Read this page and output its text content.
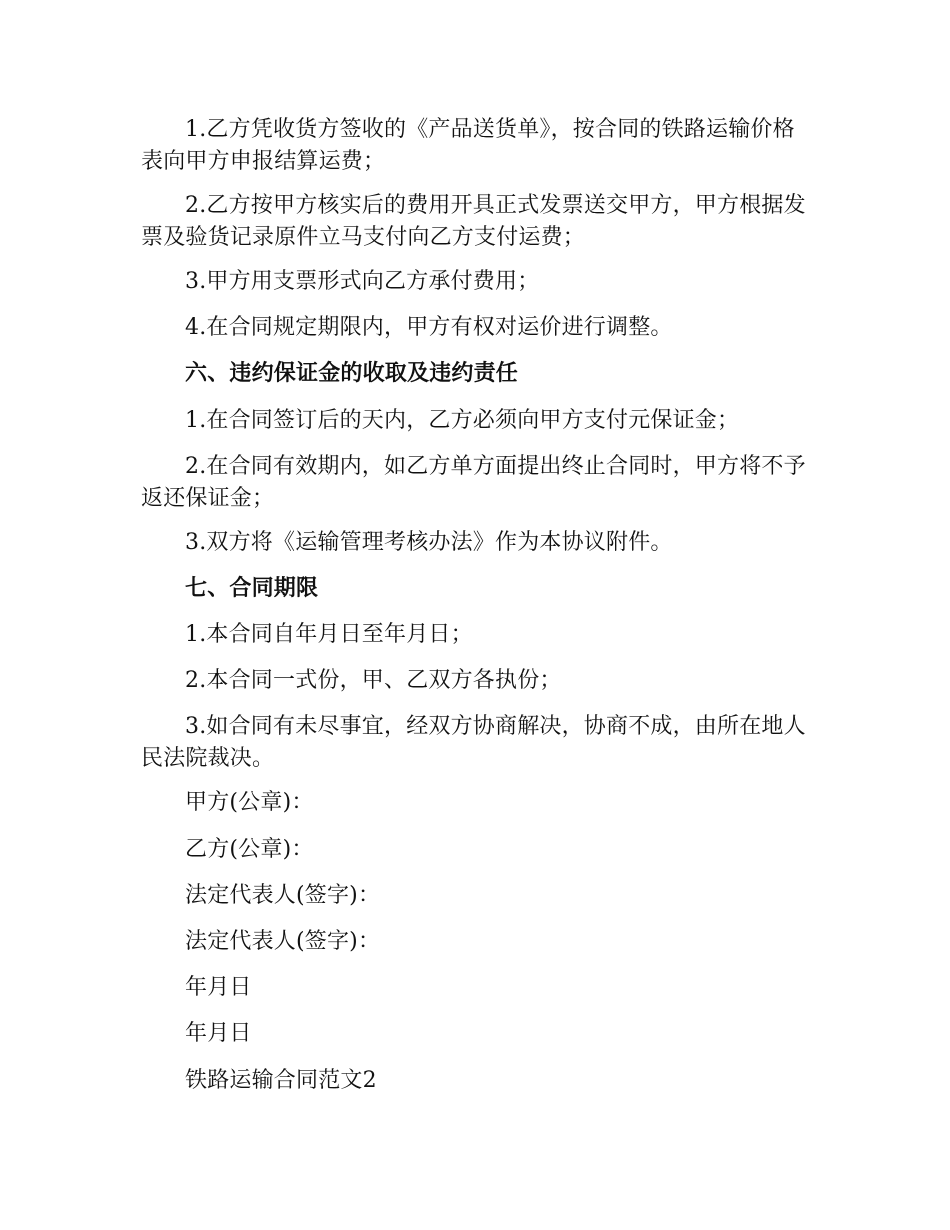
1.乙方凭收货方签收的《产品送货单》，按合同的铁路运输价格表向甲方申报结算运费；

2.乙方按甲方核实后的费用开具正式发票送交甲方，甲方根据发票及验货记录原件立马支付向乙方支付运费；

3.甲方用支票形式向乙方承付费用；

4.在合同规定期限内，甲方有权对运价进行调整。

六、违约保证金的收取及违约责任

1.在合同签订后的天内，乙方必须向甲方支付元保证金；

2.在合同有效期内，如乙方单方面提出终止合同时，甲方将不予返还保证金；

3.双方将《运输管理考核办法》作为本协议附件。

七、合同期限

1.本合同自年月日至年月日；

2.本合同一式份，甲、乙双方各执份；

3.如合同有未尽事宜，经双方协商解决，协商不成，由所在地人民法院裁决。

甲方(公章)：

乙方(公章)：

法定代表人(签字)：

法定代表人(签字)：

年月日

年月日

铁路运输合同范文2
